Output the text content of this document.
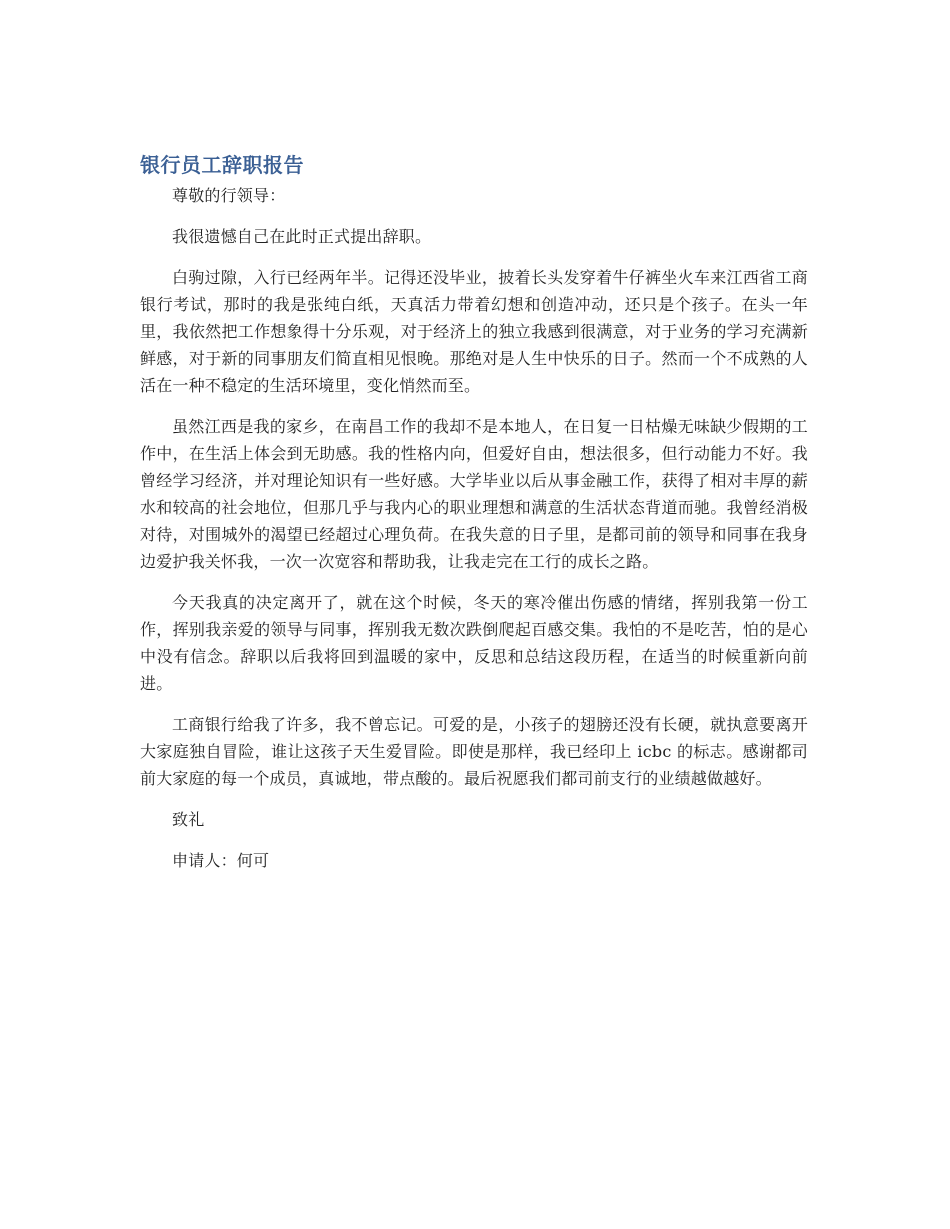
银行员工辞职报告

尊敬的行领导：

我很遗憾自己在此时正式提出辞职。

白驹过隙，入行已经两年半。记得还没毕业，披着长头发穿着牛仔裤坐火车来江西省工商银行考试，那时的我是张纯白纸，天真活力带着幻想和创造冲动，还只是个孩子。在头一年里，我依然把工作想象得十分乐观，对于经济上的独立我感到很满意，对于业务的学习充满新鲜感，对于新的同事朋友们简直相见恨晚。那绝对是人生中快乐的日子。然而一个不成熟的人活在一种不稳定的生活环境里，变化悄然而至。

虽然江西是我的家乡，在南昌工作的我却不是本地人，在日复一日枯燥无味缺少假期的工作中，在生活上体会到无助感。我的性格内向，但爱好自由，想法很多，但行动能力不好。我曾经学习经济，并对理论知识有一些好感。大学毕业以后从事金融工作，获得了相对丰厚的薪水和较高的社会地位，但那几乎与我内心的职业理想和满意的生活状态背道而驰。我曾经消极对待，对围城外的渴望已经超过心理负荷。在我失意的日子里，是都司前的领导和同事在我身边爱护我关怀我，一次一次宽容和帮助我，让我走完在工行的成长之路。

今天我真的决定离开了，就在这个时候，冬天的寒冷催出伤感的情绪，挥别我第一份工作，挥别我亲爱的领导与同事，挥别我无数次跌倒爬起百感交集。我怕的不是吃苦，怕的是心中没有信念。辞职以后我将回到温暖的家中，反思和总结这段历程，在适当的时候重新向前进。

工商银行给我了许多，我不曾忘记。可爱的是，小孩子的翅膀还没有长硬，就执意要离开大家庭独自冒险，谁让这孩子天生爱冒险。即使是那样，我已经印上 icbc 的标志。感谢都司前大家庭的每一个成员，真诚地，带点酸的。最后祝愿我们都司前支行的业绩越做越好。

致礼

申请人：何可
